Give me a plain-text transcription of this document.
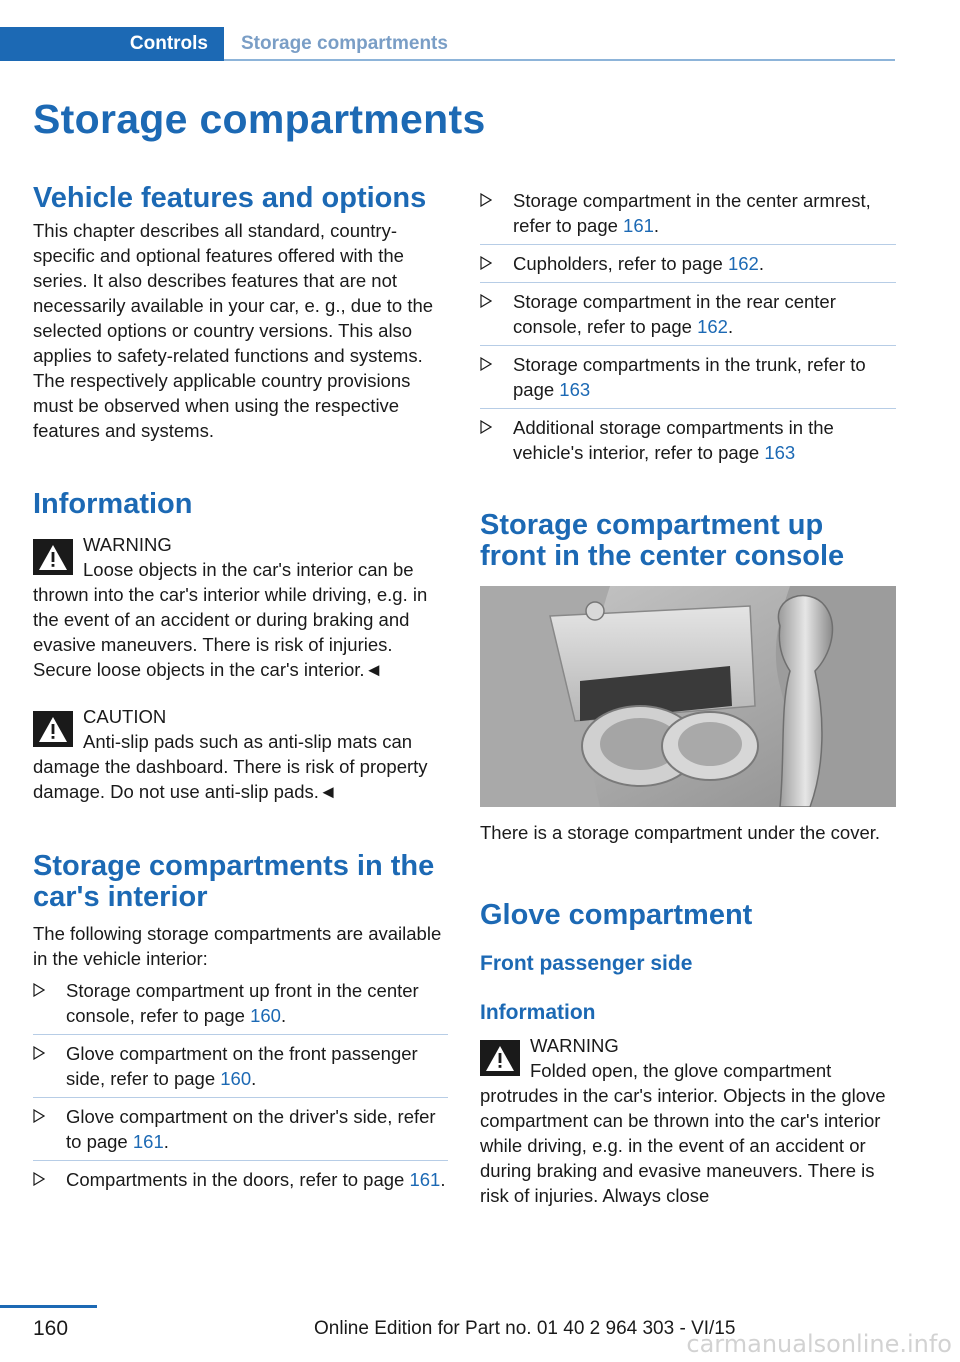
Controls	Storage compartments
Storage compartments
Vehicle features and options

This chapter describes all standard, country-specific and optional features offered with the series. It also describes features that are not necessarily available in your car, e. g., due to the selected options or country versions. This also applies to safety-related functions and systems. The respectively applicable country provisions must be observed when using the respective features and systems.

Information
WARNING
Loose objects in the car's interior can be
thrown into the car's interior while driving, e.g. in the event of an accident or during braking and evasive maneuvers. There is risk of injuries. Secure loose objects in the car's interior.◄
CAUTION
Anti-slip pads such as anti-slip mats can
damage the dashboard. There is risk of property damage. Do not use anti-slip pads.◄
Storage compartments in the car's interior

The following storage compartments are available in the vehicle interior:

Storage compartment up front in the center console, refer to page 160.
Glove compartment on the front passenger side, refer to page 160.
Glove compartment on the driver's side, refer to page 161.
Compartments in the doors, refer to page 161.
Storage compartment in the center armrest, refer to page 161.
Cupholders, refer to page 162.
Storage compartment in the rear center console, refer to page 162.
Storage compartments in the trunk, refer to page 163
Additional storage compartments in the vehicle's interior, refer to page 163
Storage compartment up front in the center console

There is a storage compartment under the cover.

Glove compartment
Front passenger side
Information
WARNING
Folded open, the glove compartment
protrudes in the car's interior. Objects in the glove compartment can be thrown into the car's interior while driving, e.g. in the event of an accident or during braking and evasive maneuvers. There is risk of injuries. Always close
160	Online Edition for Part no. 01 40 2 964 303 - VI/15
carmanualsonline.info
